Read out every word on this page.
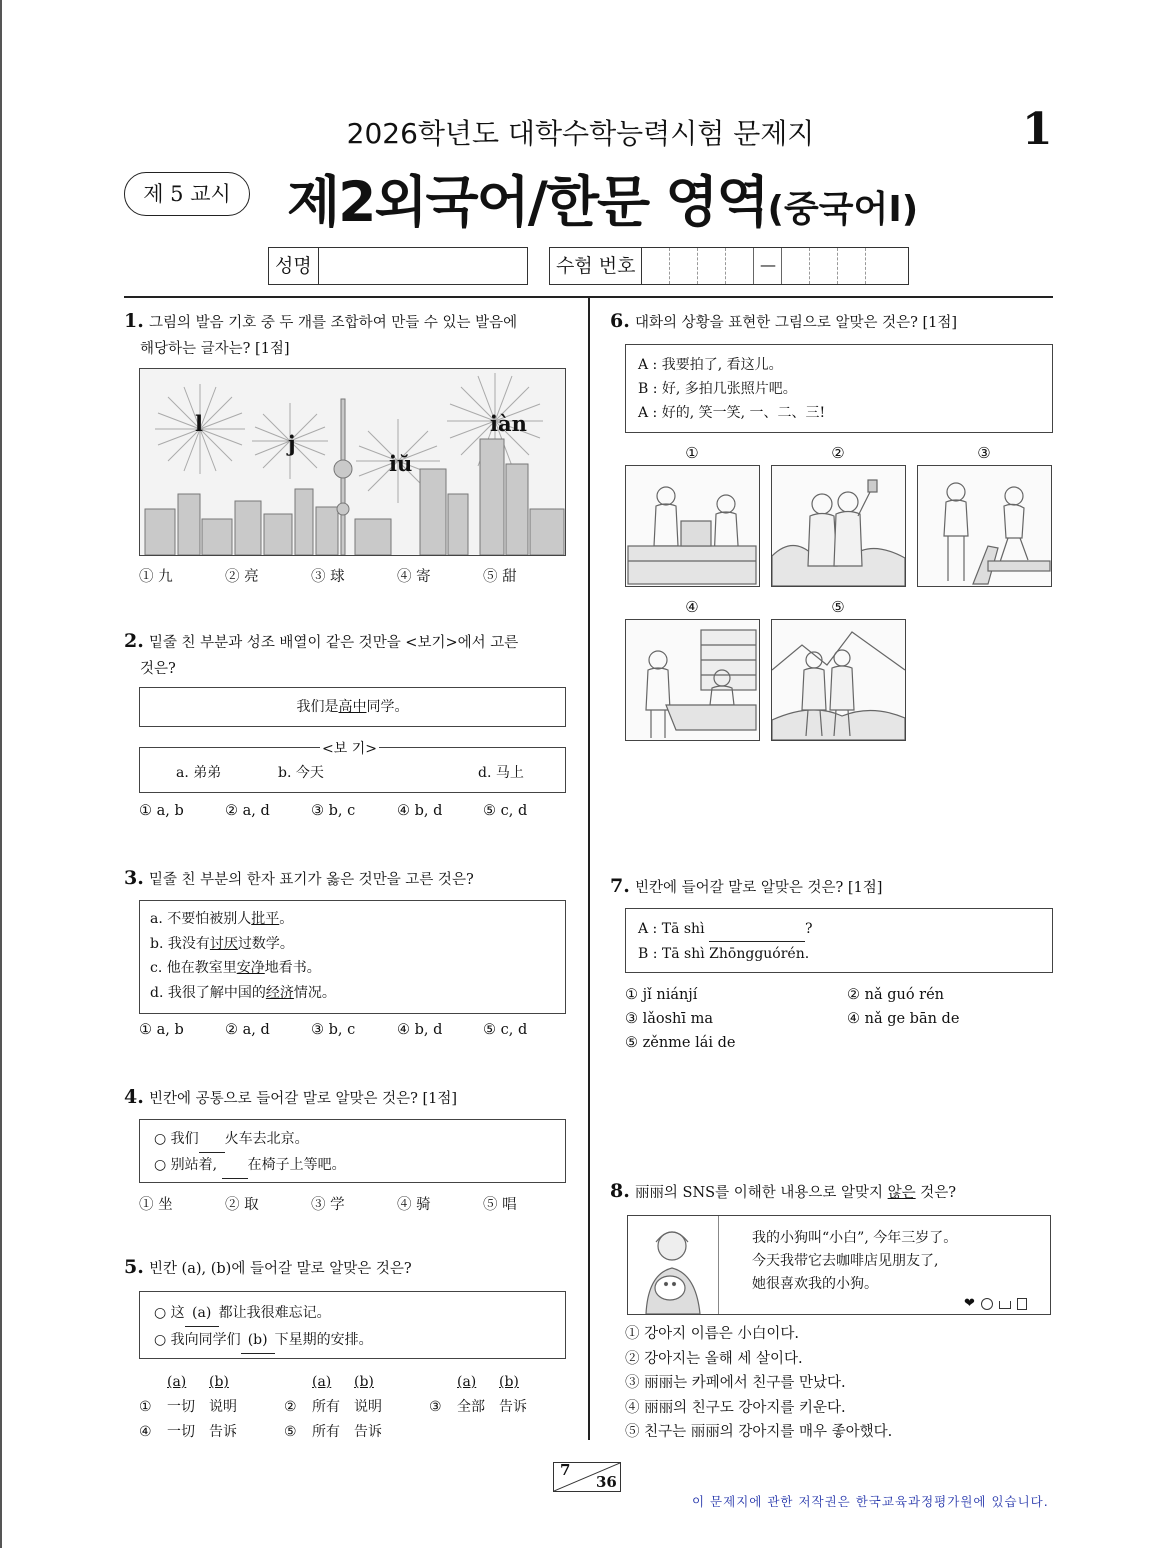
2026학년도 대학수학능력시험 문제지	1
제 5 교시	제2외국어/한문 영역(중국어Ⅰ)
성명	수험 번호	—
1. 그림의 발음 기호 중 두 개를 조합하여 만들 수 있는 발음에
해당하는 글자는? [1점]
l
j
iŭ
iàn
① 九	② 亮	③ 球	④ 寄	⑤ 甜
2. 밑줄 친 부분과 성조 배열이 같은 것만을 <보기>에서 고른
것은?
我们是高中同学。
<보 기>
a. 弟弟	b. 今天	d. 马上
① a, b	② a, d	③ b, c	④ b, d	⑤ c, d
3. 밑줄 친 부분의 한자 표기가 옳은 것만을 고른 것은?
a. 不要怕被别人批平。
b. 我没有讨厌过数学。
c. 他在教室里安净地看书。
d. 我很了解中国的经济情况。
① a, b	② a, d	③ b, c	④ b, d	⑤ c, d
4. 빈칸에 공통으로 들어갈 말로 알맞은 것은? [1점]
○ 我们 火车去北京。
○ 别站着, 在椅子上等吧。
① 坐	② 取	③ 学	④ 骑	⑤ 唱
5. 빈칸 (a), (b)에 들어갈 말로 알맞은 것은?
○ 这 (a) 都让我很难忘记。
○ 我向同学们 (b) 下星期的安排。
(a) (b)	(a) (b)	(a) (b)
① 一切 说明	② 所有 说明	③ 全部 告诉
④ 一切 告诉	⑤ 所有 告诉
6. 대화의 상황을 표현한 그림으로 알맞은 것은? [1점]
A : 我要拍了, 看这儿。
B : 好, 多拍几张照片吧。
A : 好的, 笑一笑, 一、二、三!
①	②	③
④	⑤
7. 빈칸에 들어갈 말로 알맞은 것은? [1점]
A : Tā shì	?
B : Tā shì Zhōngguórén.
① jǐ niánjí	② nǎ guó rén
③ lǎoshī ma	④ nǎ ge bān de
⑤ zěnme lái de
8. 丽丽의 SNS를 이해한 내용으로 알맞지 않은 것은?
我的小狗叫“小白”, 今年三岁了。
今天我带它去咖啡店见朋友了,
她很喜欢我的小狗。
❤
① 강아지 이름은 小白이다.
② 강아지는 올해 세 살이다.
③ 丽丽는 카페에서 친구를 만났다.
④ 丽丽의 친구도 강아지를 키운다.
⑤ 친구는 丽丽의 강아지를 매우 좋아했다.
7
36
이 문제지에 관한 저작권은 한국교육과정평가원에 있습니다.
